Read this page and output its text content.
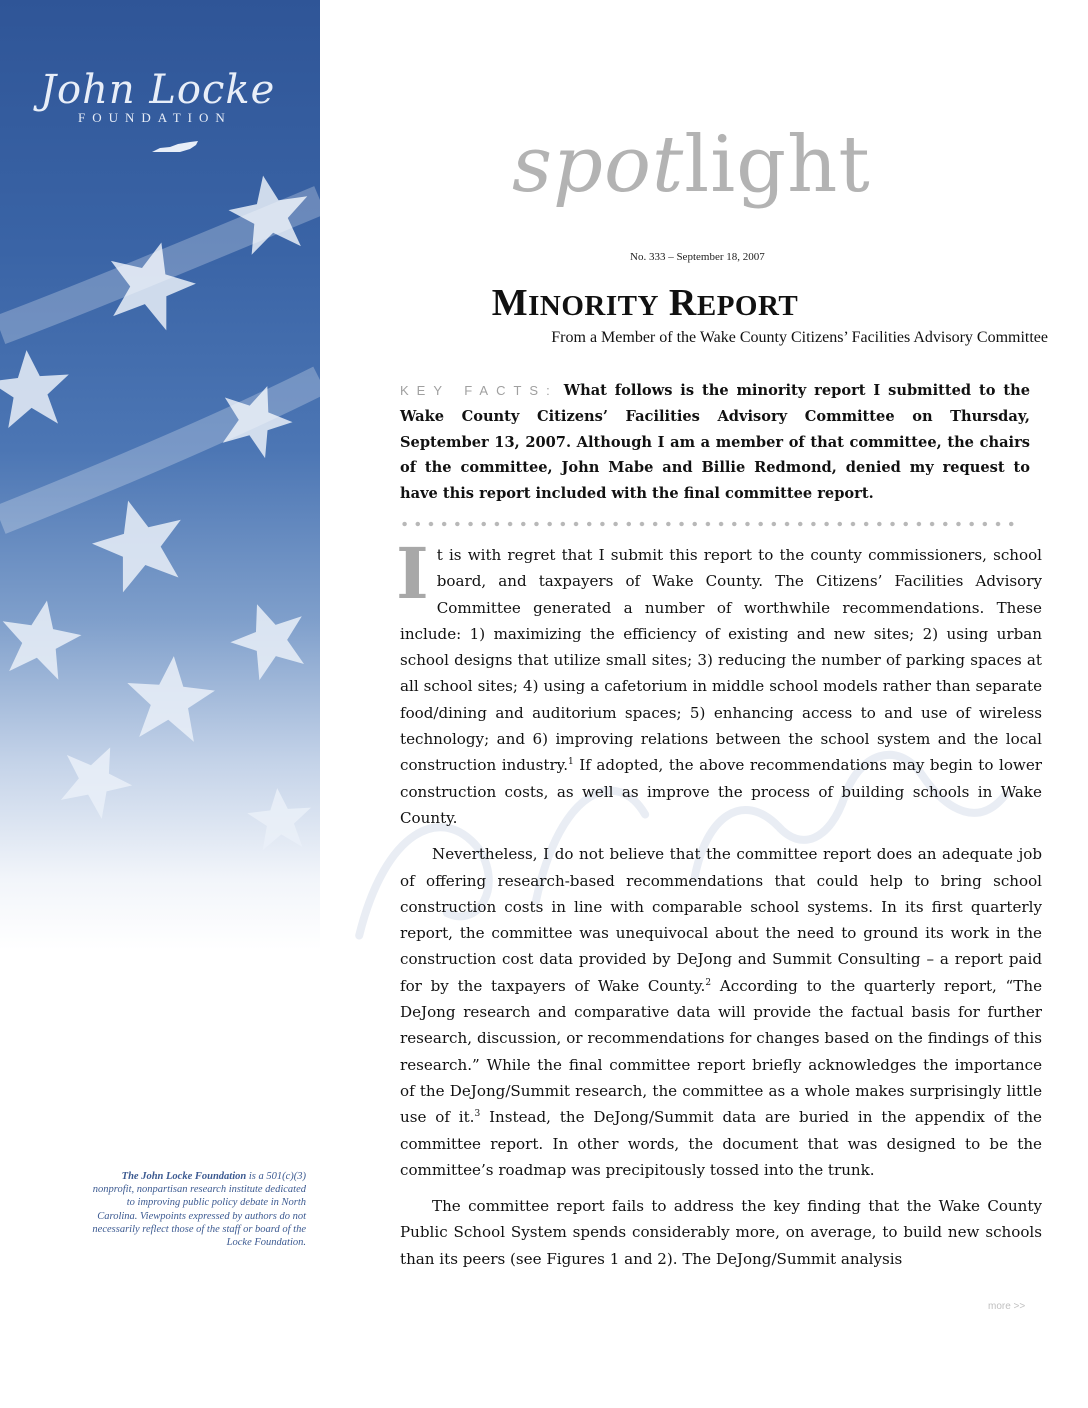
John Locke
FOUNDATION
The John Locke Foundation is a 501(c)(3) nonprofit, nonpartisan research institute dedicated to improving public policy debate in North Carolina. Viewpoints expressed by authors do not necessarily reflect those of the staff or board of the Locke Foundation.
spotlight
No. 333 – September 18, 2007
MINORITY REPORT
From a Member of the Wake County Citizens’ Facilities Advisory Committee
KEY FACTS: What follows is the minority report I submitted to the Wake County Citizens’ Facilities Advisory Committee on Thursday, September 13, 2007. Although I am a member of that committee, the chairs of the committee, John Mabe and Billie Redmond, denied my request to have this report included with the final committee report.

It is with regret that I submit this report to the county commissioners, school board, and taxpayers of Wake County. The Citizens’ Facilities Advisory Committee generated a number of worthwhile recommendations. These include: 1) maximizing the efficiency of existing and new sites; 2) using urban school designs that utilize small sites; 3) reducing the number of parking spaces at all school sites; 4) using a cafetorium in middle school models rather than separate food/dining and auditorium spaces; 5) enhancing access to and use of wireless technology; and 6) improving relations between the school system and the local construction industry.$^1$ If adopted, the above recommendations may begin to lower construction costs, as well as improve the process of building schools in Wake County.

Nevertheless, I do not believe that the committee report does an adequate job of offering research-based recommendations that could help to bring school construction costs in line with comparable school systems. In its first quarterly report, the committee was unequivocal about the need to ground its work in the construction cost data provided by DeJong and Summit Consulting – a report paid for by the taxpayers of Wake County.$^2$ According to the quarterly report, “The DeJong research and comparative data will provide the factual basis for further research, discussion, or recommendations for changes based on the findings of this research.” While the final committee report briefly acknowledges the importance of the DeJong/Summit research, the committee as a whole makes surprisingly little use of it.$^3$ Instead, the DeJong/Summit data are buried in the appendix of the committee report. In other words, the document that was designed to be the committee’s roadmap was precipitously tossed into the trunk.

The committee report fails to address the key finding that the Wake County Public School System spends considerably more, on average, to build new schools than its peers (see Figures 1 and 2). The DeJong/Summit analysis

more >>
